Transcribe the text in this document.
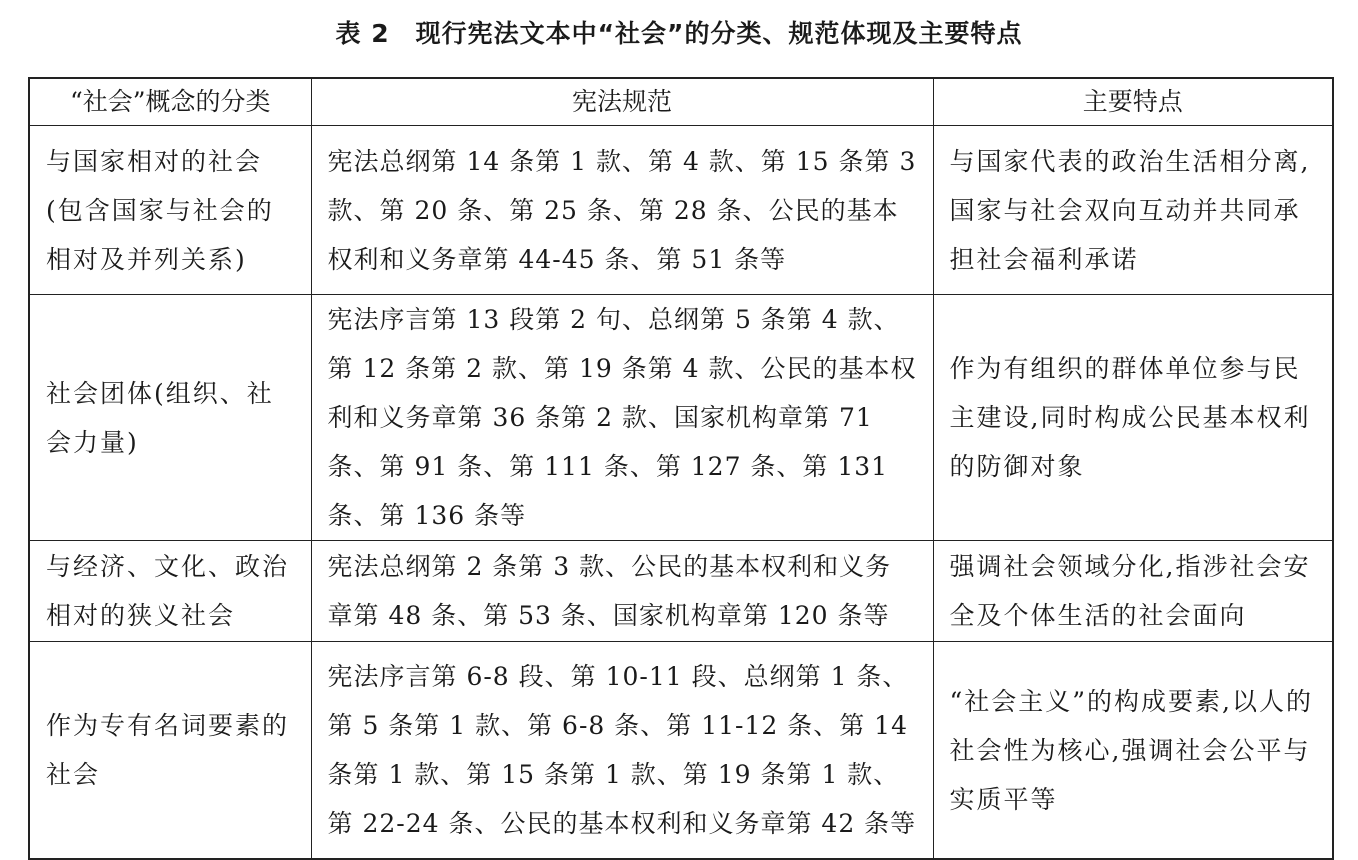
表 2　现行宪法文本中“社会”的分类、规范体现及主要特点
“社会”概念的分类	宪法规范	主要特点
与国家相对的社会(包含国家与社会的相对及并列关系)	宪法总纲第 14 条第 1 款、第 4 款、第 15 条第 3 款、第 20 条、第 25 条、第 28 条、公民的基本权利和义务章第 44-45 条、第 51 条等	与国家代表的政治生活相分离,国家与社会双向互动并共同承担社会福利承诺
社会团体(组织、社会力量)	宪法序言第 13 段第 2 句、总纲第 5 条第 4 款、第 12 条第 2 款、第 19 条第 4 款、公民的基本权利和义务章第 36 条第 2 款、国家机构章第 71 条、第 91 条、第 111 条、第 127 条、第 131 条、第 136 条等	作为有组织的群体单位参与民主建设,同时构成公民基本权利的防御对象
与经济、文化、政治相对的狭义社会	宪法总纲第 2 条第 3 款、公民的基本权利和义务章第 48 条、第 53 条、国家机构章第 120 条等	强调社会领域分化,指涉社会安全及个体生活的社会面向
作为专有名词要素的社会	宪法序言第 6-8 段、第 10-11 段、总纲第 1 条、第 5 条第 1 款、第 6-8 条、第 11-12 条、第 14 条第 1 款、第 15 条第 1 款、第 19 条第 1 款、第 22-24 条、公民的基本权利和义务章第 42 条等	“社会主义”的构成要素,以人的社会性为核心,强调社会公平与实质平等
